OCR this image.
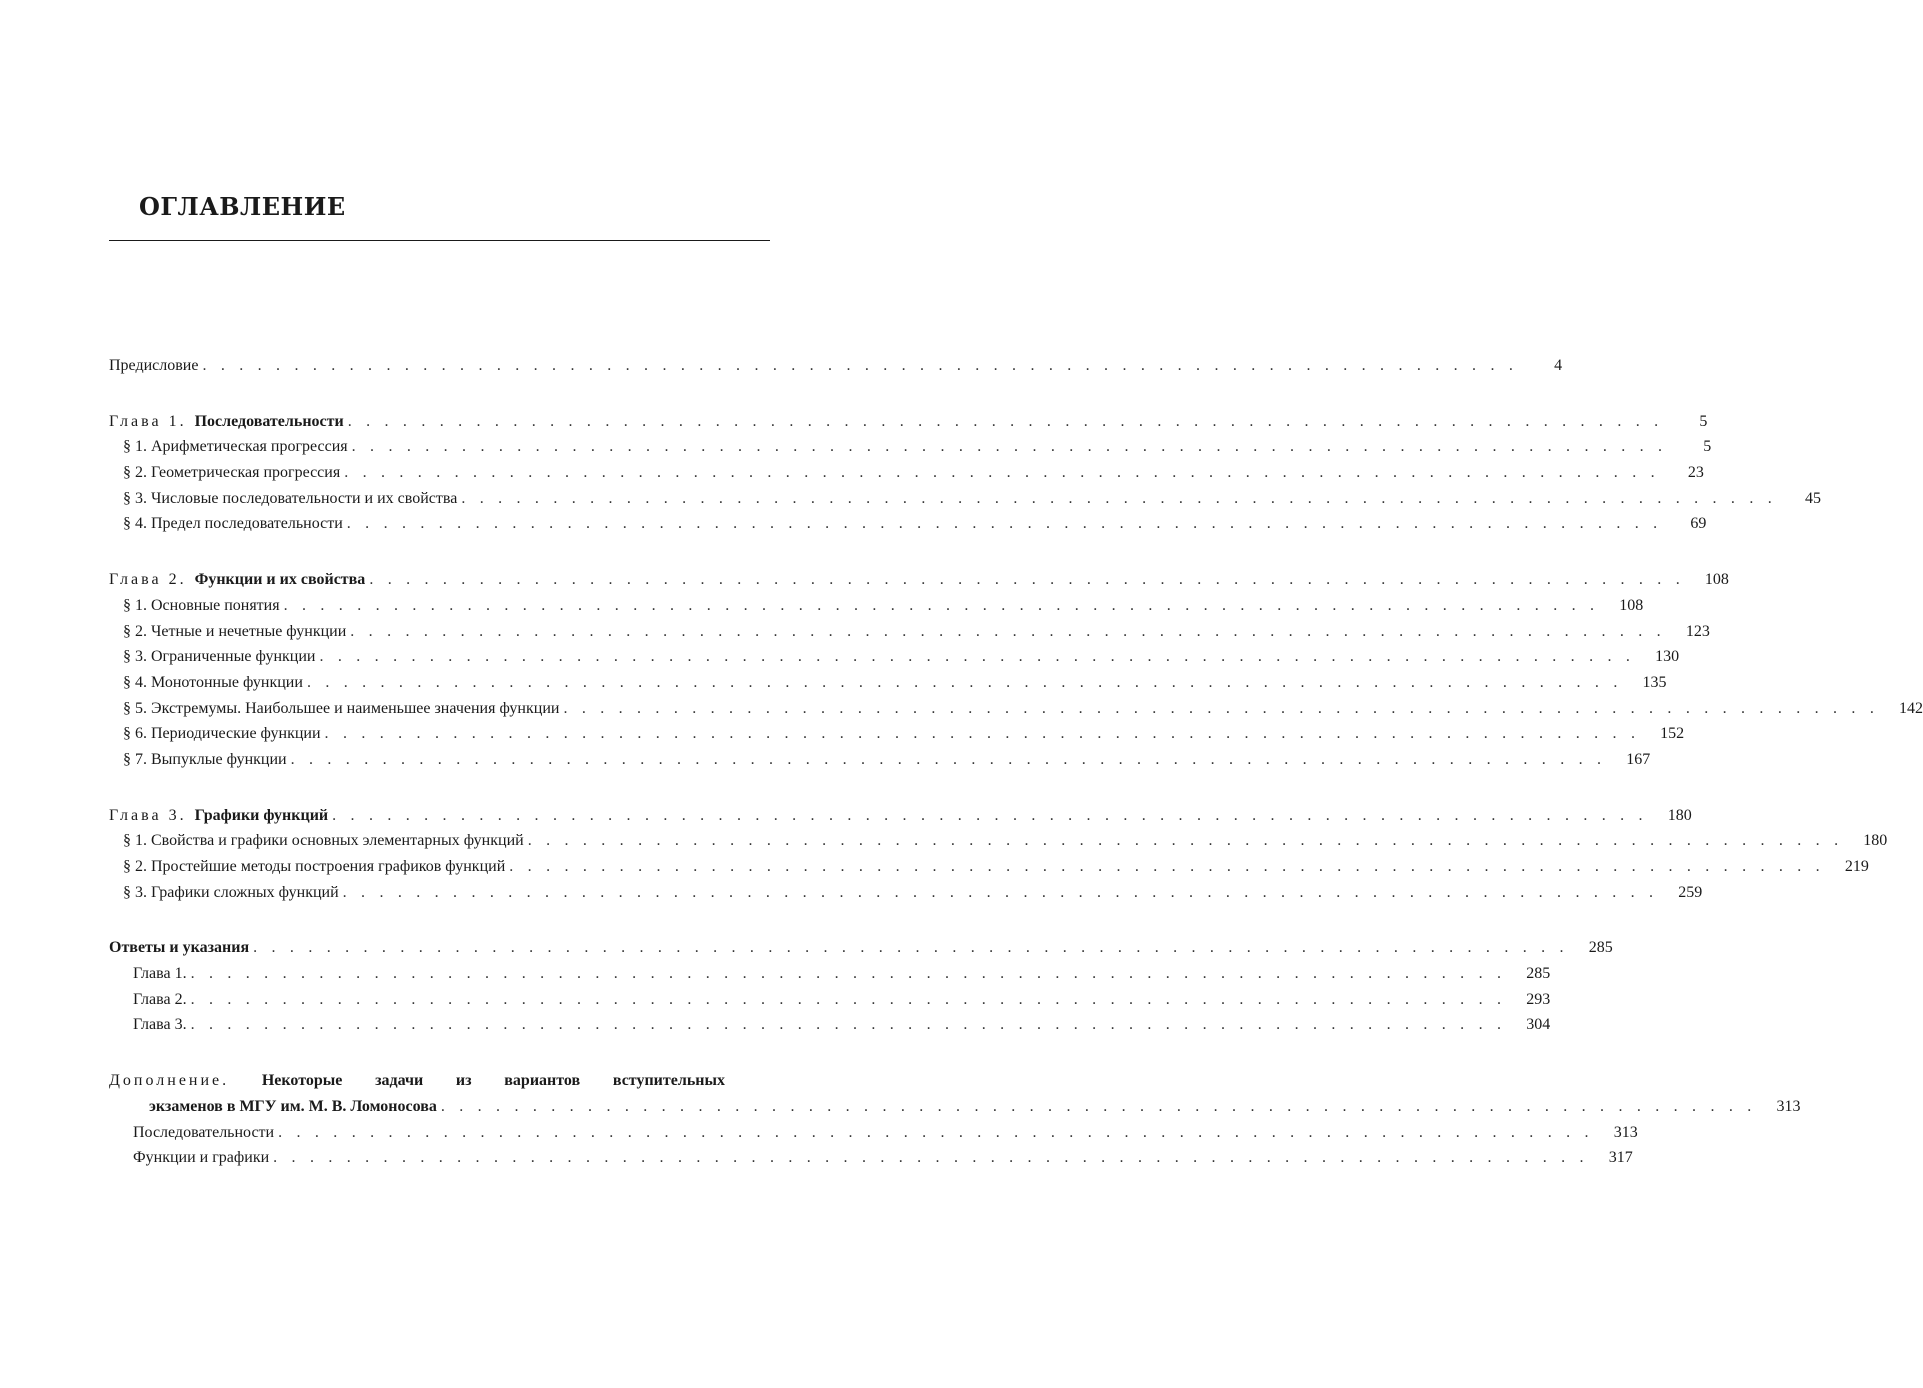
ОГЛАВЛЕНИЕ
Предисловие . . . . . . . . . . . . . . . . . . . . . . . . . . . . . . . . . . . . . . . . . . . . . . . . . . . . . . . . . . . . . . . . . . . . . . . .	4
Глава 1. Последовательности . . . . . . . . . . . . . . . . . . . . . . . . . . . . . . . . . . . . . . . . . . . . . . . . . . . . . . . . . . . . . . . . . . . . . . . .	5
§ 1. Арифметическая прогрессия . . . . . . . . . . . . . . . . . . . . . . . . . . . . . . . . . . . . . . . . . . . . . . . . . . . . . . . . . . . . . . . . . . . . . . . .	5
§ 2. Геометрическая прогрессия . . . . . . . . . . . . . . . . . . . . . . . . . . . . . . . . . . . . . . . . . . . . . . . . . . . . . . . . . . . . . . . . . . . . . . . .	23
§ 3. Числовые последовательности и их свойства . . . . . . . . . . . . . . . . . . . . . . . . . . . . . . . . . . . . . . . . . . . . . . . . . . . . . . . . . . . . . . . . . . . . . . . .	45
§ 4. Предел последовательности . . . . . . . . . . . . . . . . . . . . . . . . . . . . . . . . . . . . . . . . . . . . . . . . . . . . . . . . . . . . . . . . . . . . . . . .	69
Глава 2. Функции и их свойства . . . . . . . . . . . . . . . . . . . . . . . . . . . . . . . . . . . . . . . . . . . . . . . . . . . . . . . . . . . . . . . . . . . . . . . .	108
§ 1. Основные понятия . . . . . . . . . . . . . . . . . . . . . . . . . . . . . . . . . . . . . . . . . . . . . . . . . . . . . . . . . . . . . . . . . . . . . . . .	108
§ 2. Четные и нечетные функции . . . . . . . . . . . . . . . . . . . . . . . . . . . . . . . . . . . . . . . . . . . . . . . . . . . . . . . . . . . . . . . . . . . . . . . .	123
§ 3. Ограниченные функции . . . . . . . . . . . . . . . . . . . . . . . . . . . . . . . . . . . . . . . . . . . . . . . . . . . . . . . . . . . . . . . . . . . . . . . .	130
§ 4. Монотонные функции . . . . . . . . . . . . . . . . . . . . . . . . . . . . . . . . . . . . . . . . . . . . . . . . . . . . . . . . . . . . . . . . . . . . . . . .	135
§ 5. Экстремумы. Наибольшее и наименьшее значения функции . . . . . . . . . . . . . . . . . . . . . . . . . . . . . . . . . . . . . . . . . . . . . . . . . . . . . . . . . . . . . . . . . . . . . . . .	142
§ 6. Периодические функции . . . . . . . . . . . . . . . . . . . . . . . . . . . . . . . . . . . . . . . . . . . . . . . . . . . . . . . . . . . . . . . . . . . . . . . .	152
§ 7. Выпуклые функции . . . . . . . . . . . . . . . . . . . . . . . . . . . . . . . . . . . . . . . . . . . . . . . . . . . . . . . . . . . . . . . . . . . . . . . .	167
Глава 3. Графики функций . . . . . . . . . . . . . . . . . . . . . . . . . . . . . . . . . . . . . . . . . . . . . . . . . . . . . . . . . . . . . . . . . . . . . . . .	180
§ 1. Свойства и графики основных элементарных функций . . . . . . . . . . . . . . . . . . . . . . . . . . . . . . . . . . . . . . . . . . . . . . . . . . . . . . . . . . . . . . . . . . . . . . . .	180
§ 2. Простейшие методы построения графиков функций . . . . . . . . . . . . . . . . . . . . . . . . . . . . . . . . . . . . . . . . . . . . . . . . . . . . . . . . . . . . . . . . . . . . . . . .	219
§ 3. Графики сложных функций . . . . . . . . . . . . . . . . . . . . . . . . . . . . . . . . . . . . . . . . . . . . . . . . . . . . . . . . . . . . . . . . . . . . . . . .	259
Ответы и указания . . . . . . . . . . . . . . . . . . . . . . . . . . . . . . . . . . . . . . . . . . . . . . . . . . . . . . . . . . . . . . . . . . . . . . . .	285
Глава 1. . . . . . . . . . . . . . . . . . . . . . . . . . . . . . . . . . . . . . . . . . . . . . . . . . . . . . . . . . . . . . . . . . . . . . . . .	285
Глава 2. . . . . . . . . . . . . . . . . . . . . . . . . . . . . . . . . . . . . . . . . . . . . . . . . . . . . . . . . . . . . . . . . . . . . . . . .	293
Глава 3. . . . . . . . . . . . . . . . . . . . . . . . . . . . . . . . . . . . . . . . . . . . . . . . . . . . . . . . . . . . . . . . . . . . . . . . .	304
Дополнение. Некоторые задачи из вариантов вступительных
экзаменов в МГУ им. М. В. Ломоносова . . . . . . . . . . . . . . . . . . . . . . . . . . . . . . . . . . . . . . . . . . . . . . . . . . . . . . . . . . . . . . . . . . . . . . . .	313
Последовательности . . . . . . . . . . . . . . . . . . . . . . . . . . . . . . . . . . . . . . . . . . . . . . . . . . . . . . . . . . . . . . . . . . . . . . . .	313
Функции и графики . . . . . . . . . . . . . . . . . . . . . . . . . . . . . . . . . . . . . . . . . . . . . . . . . . . . . . . . . . . . . . . . . . . . . . . .	317
